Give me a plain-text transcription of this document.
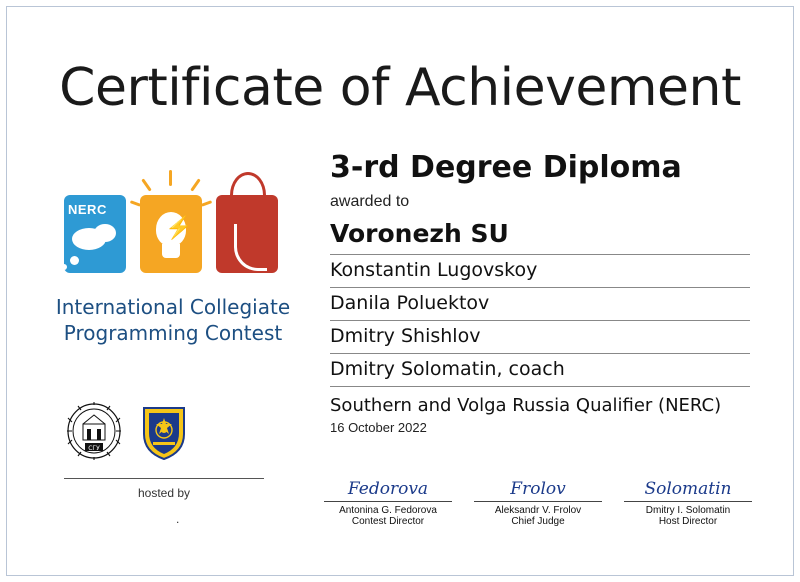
Certificate of Achievement
NERC
⚡
International Collegiate
Programming Contest
СГУ
hosted by
.
3-rd Degree Diploma
awarded to
Voronezh SU
Konstantin Lugovskoy
Danila Poluektov
Dmitry Shishlov
Dmitry Solomatin, coach
Southern and Volga Russia Qualifier (NERC)
16 October 2022
Fedorova
Antonina G. Fedorova
Contest Director
Frolov
Aleksandr V. Frolov
Chief Judge
Solomatin
Dmitry I. Solomatin
Host Director
